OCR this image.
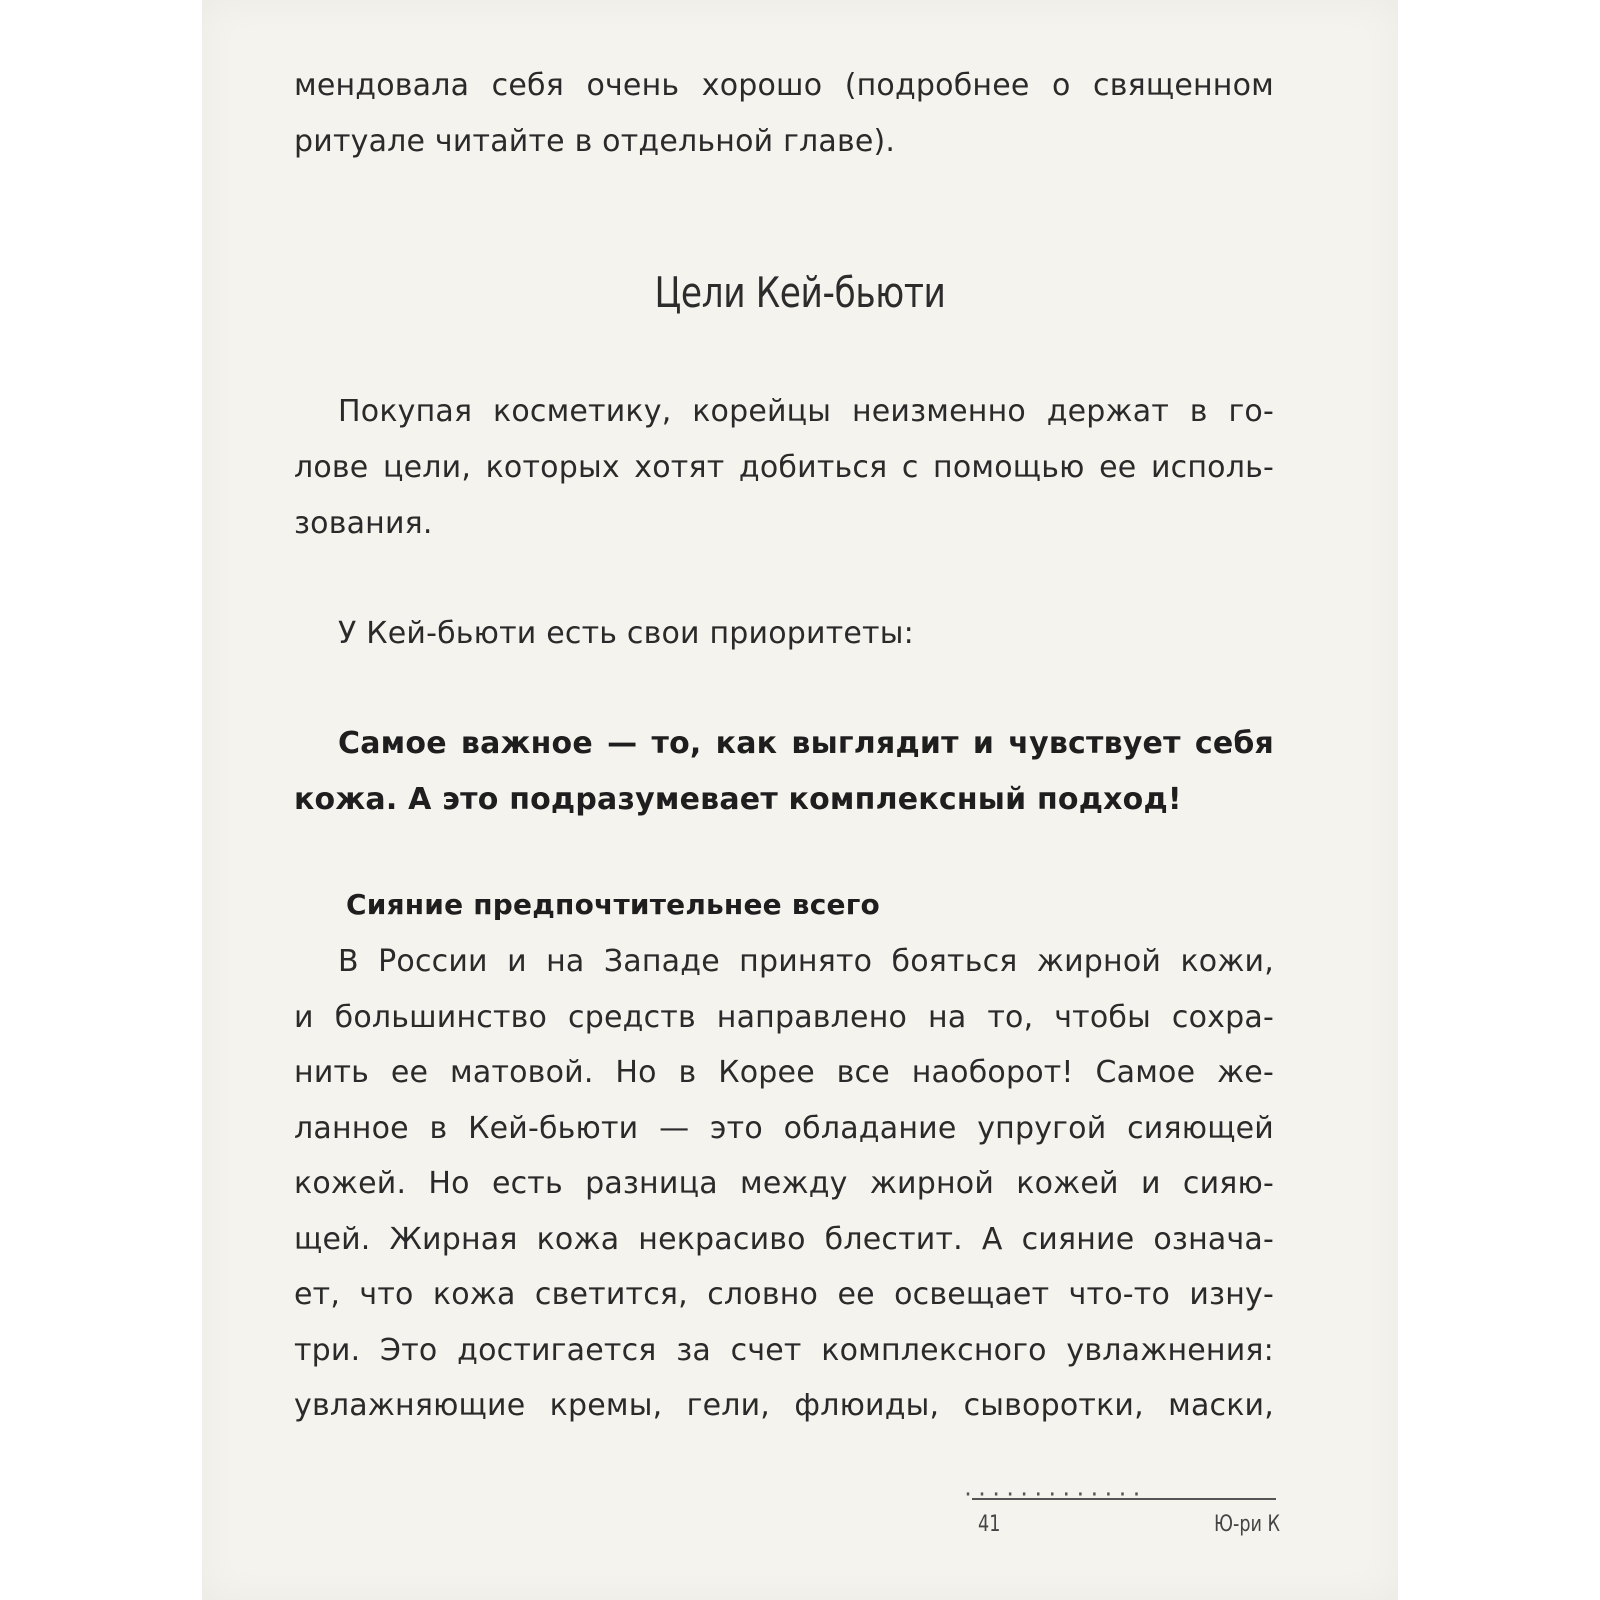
мендовала себя очень хорошо (подробнее о священном
ритуале читайте в отдельной главе).
Цели Кей-бьюти
Покупая косметику, корейцы неизменно держат в го-
лове цели, которых хотят добиться с помощью ее исполь-
зования.
У Кей-бьюти есть свои приоритеты:
Самое важное — то, как выглядит и чувствует себя
кожа. А это подразумевает комплексный подход!
Сияние предпочтительнее всего
В России и на Западе принято бояться жирной кожи,
и большинство средств направлено на то, чтобы сохра-
нить ее матовой. Но в Корее все наоборот! Самое же-
ланное в Кей-бьюти — это обладание упругой сияющей
кожей. Но есть разница между жирной кожей и сияю-
щей. Жирная кожа некрасиво блестит. А сияние означа-
ет, что кожа светится, словно ее освещает что-то изну-
три. Это достигается за счет комплексного увлажнения:
увлажняющие кремы, гели, флюиды, сыворотки, маски,
·············
41	Ю-ри К
